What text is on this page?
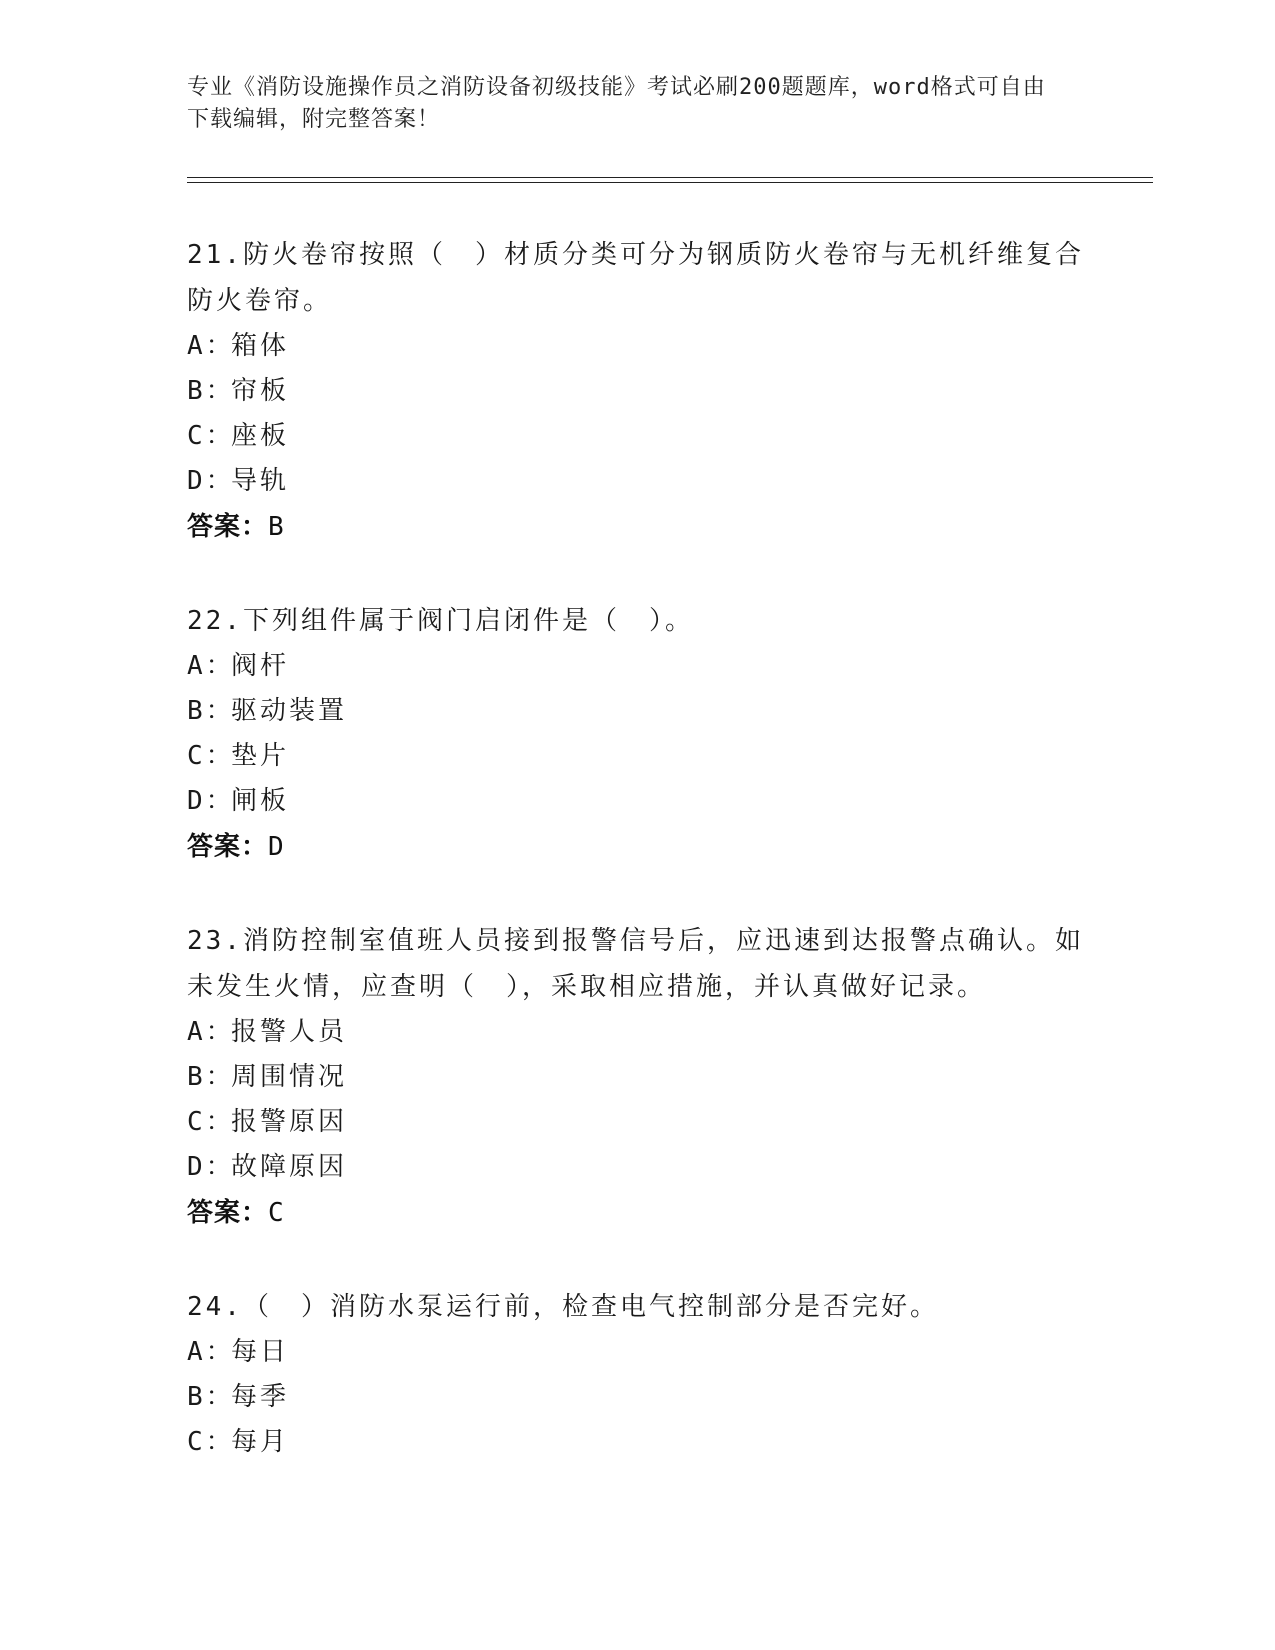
专业《消防设施操作员之消防设备初级技能》考试必刷200题题库，word格式可自由下载编辑，附完整答案！
21.防火卷帘按照（　）材质分类可分为钢质防火卷帘与无机纤维复合防火卷帘。
A：
箱体
B：
帘板
C：
座板
D：
导轨
答案：B
22.下列组件属于阀门启闭件是（　）。
A：
阀杆
B：
驱动装置
C：
垫片
D：
闸板
答案：D
23.消防控制室值班人员接到报警信号后，应迅速到达报警点确认。如未发生火情，应查明（　），采取相应措施，并认真做好记录。
A：
报警人员
B：
周围情况
C：
报警原因
D：
故障原因
答案：C
24.（　）消防水泵运行前，检查电气控制部分是否完好。
A：
每日
B：
每季
C：
每月
